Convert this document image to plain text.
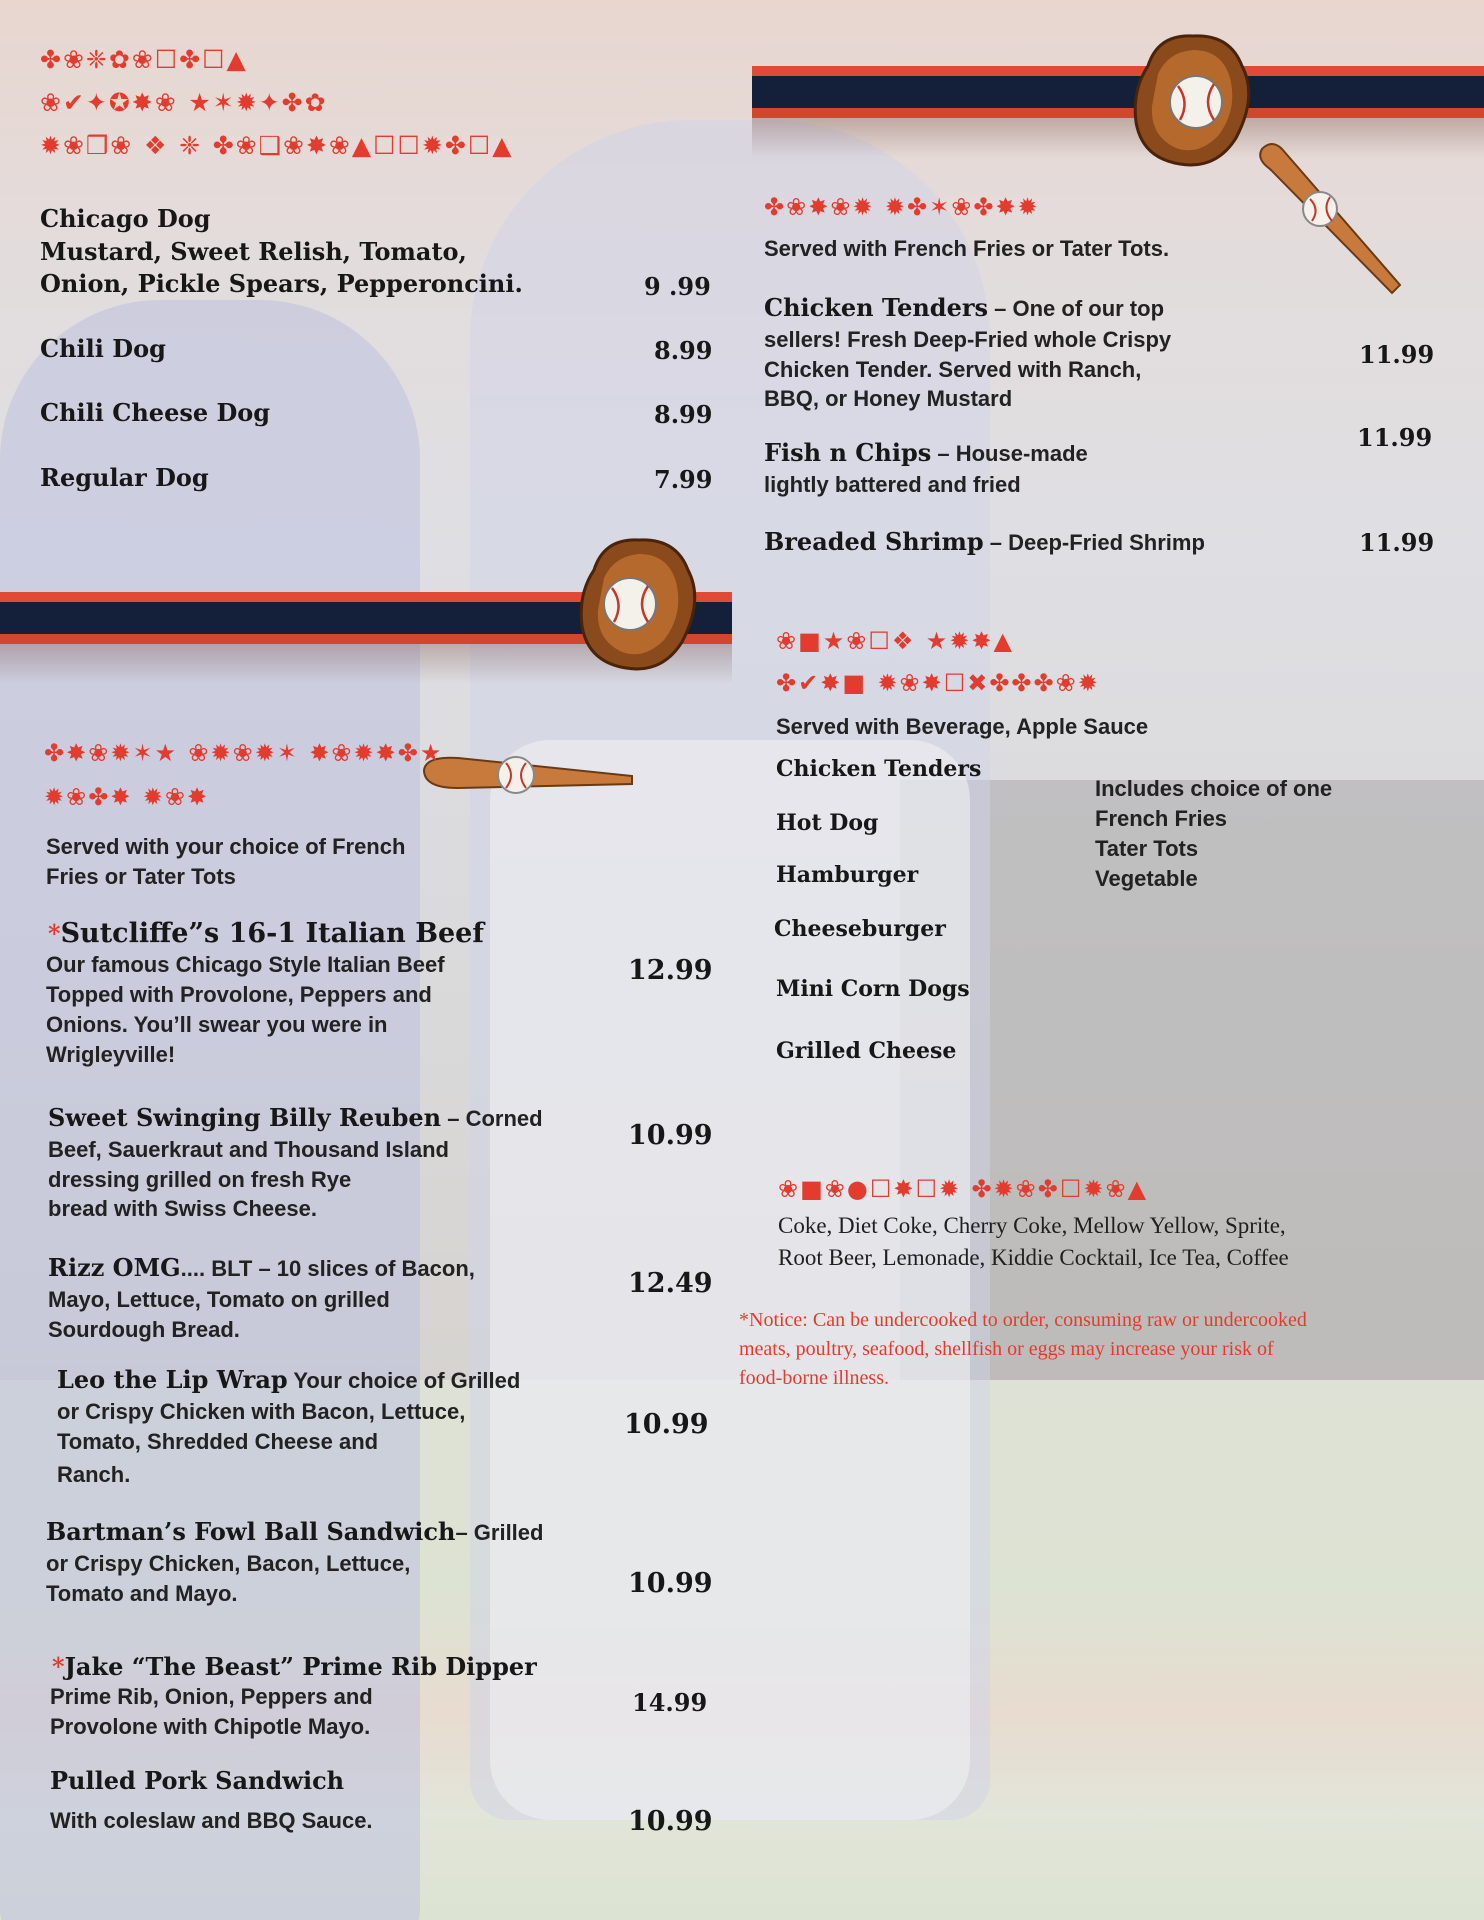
✤❀❈✿❀☐✤☐▲
❀✔✦✪✸❀ ★✶✹✦✤✿
✹❀❒❀ ❖ ❈ ✤❀❑❀✸❀▲☐☐✹✤☐▲
Chicago Dog
Mustard, Sweet Relish, Tomato,
Onion, Pickle Spears, Pepperoncini.	9 .99
Chili Dog	8.99
Chili Cheese Dog	8.99
Regular Dog	7.99
✤❀✸❀✹ ✹✤✶❀✤✸✹
Served with French Fries or Tater Tots.
Chicken Tenders – One of our top
sellers! Fresh Deep-Fried whole Crispy
Chicken Tender. Served with Ranch,
BBQ, or Honey Mustard
11.99
Fish n Chips – House-made
lightly battered and fried
11.99
Breaded Shrimp – Deep-Fried Shrimp	11.99
✤✸❀✹✶★ ❀✹❀✹✶ ✸❀✹✸✤★
✹❀✤✸ ✹❀✸
Served with your choice of French
Fries or Tater Tots
*Sutcliffe”s 16-1 Italian Beef
Our famous Chicago Style Italian Beef
Topped with Provolone, Peppers and
Onions. You’ll swear you were in
Wrigleyville!
12.99
Sweet Swinging Billy Reuben – Corned
Beef, Sauerkraut and Thousand Island
dressing grilled on fresh Rye
bread with Swiss Cheese.
10.99
Rizz OMG.... BLT – 10 slices of Bacon,
Mayo, Lettuce, Tomato on grilled
Sourdough Bread.
12.49
Leo the Lip Wrap Your choice of Grilled
or Crispy Chicken with Bacon, Lettuce,
Tomato, Shredded Cheese and
Ranch.
10.99
Bartman’s Fowl Ball Sandwich– Grilled
or Crispy Chicken, Bacon, Lettuce,
Tomato and Mayo.	10.99
*Jake “The Beast” Prime Rib Dipper
Prime Rib, Onion, Peppers and
Provolone with Chipotle Mayo.
14.99
Pulled Pork Sandwich
With coleslaw and BBQ Sauce.	10.99
❀■★❀☐❖ ★✹✸▲
✤✔✸■ ✹❀✸☐✖✤✤✤❀✹
Served with Beverage, Apple Sauce
Chicken Tenders
Hot Dog
Hamburger
Cheeseburger
Mini Corn Dogs
Grilled Cheese
Includes choice of one
French Fries
Tater Tots
Vegetable
❀■❀●☐✸☐✹ ✤✹❀✤☐✹❀▲
Coke, Diet Coke, Cherry Coke, Mellow Yellow, Sprite,
Root Beer, Lemonade, Kiddie Cocktail, Ice Tea, Coffee
*Notice: Can be undercooked to order, consuming raw or undercooked
meats, poultry, seafood, shellfish or eggs may increase your risk of
food-borne illness.
